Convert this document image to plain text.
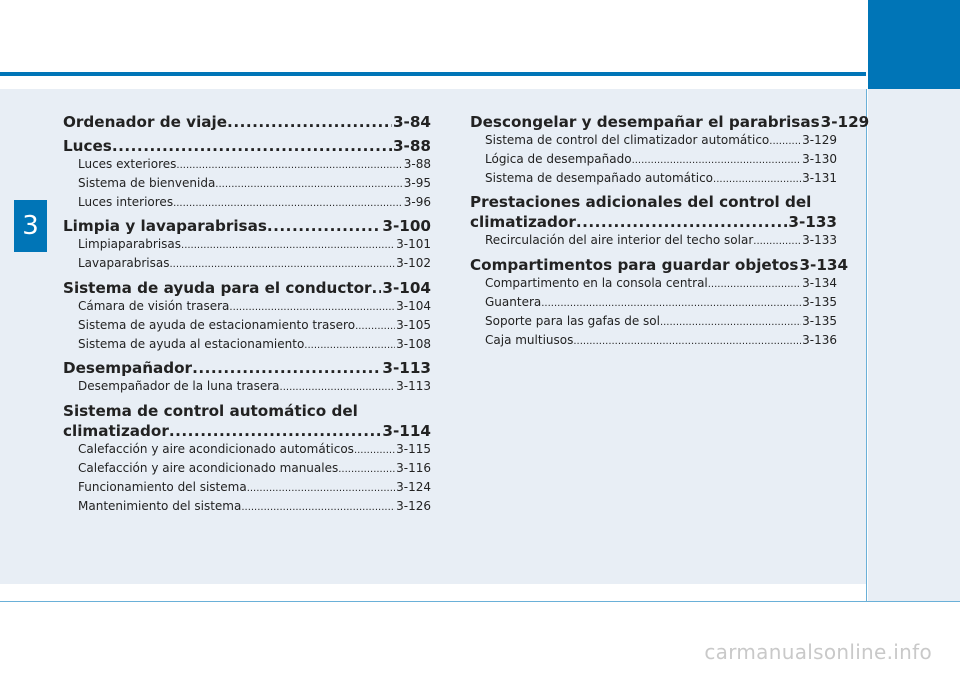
3
Ordenador de viaje .....	3-84
Luces .....	3-88
Luces exteriores .....	3-88
Sistema de bienvenida .....	3-95
Luces interiores .....	3-96
Limpia y lavaparabrisas .....	3-100
Limpiaparabrisas .....	3-101
Lavaparabrisas .....	3-102
Sistema de ayuda para el conductor ..... 3-104
Cámara de visión trasera .....	3-104
Sistema de ayuda de estacionamiento trasero .....	3-105
Sistema de ayuda al estacionamiento .....	3-108
Desempañador .....	3-113
Desempañador de la luna trasera .....	3-113
Sistema de control automático del
climatizador .....	3-114
Calefacción y aire acondicionado automáticos .....	3-115
Calefacción y aire acondicionado manuales .....	3-116
Funcionamiento del sistema .....	3-124
Mantenimiento del sistema .....	3-126
Descongelar y desempañar el parabrisas 3-129
Sistema de control del climatizador automático .....	3-129
Lógica de desempañado .....	3-130
Sistema de desempañado automático .....	3-131
Prestaciones adicionales del control del
climatizador .....	3-133
Recirculación del aire interior del techo solar .....	3-133
Compartimentos para guardar objetos 3-134
Compartimento en la consola central .....	3-134
Guantera .....	3-135
Soporte para las gafas de sol .....	3-135
Caja multiusos .....	3-136
carmanualsonline.info
